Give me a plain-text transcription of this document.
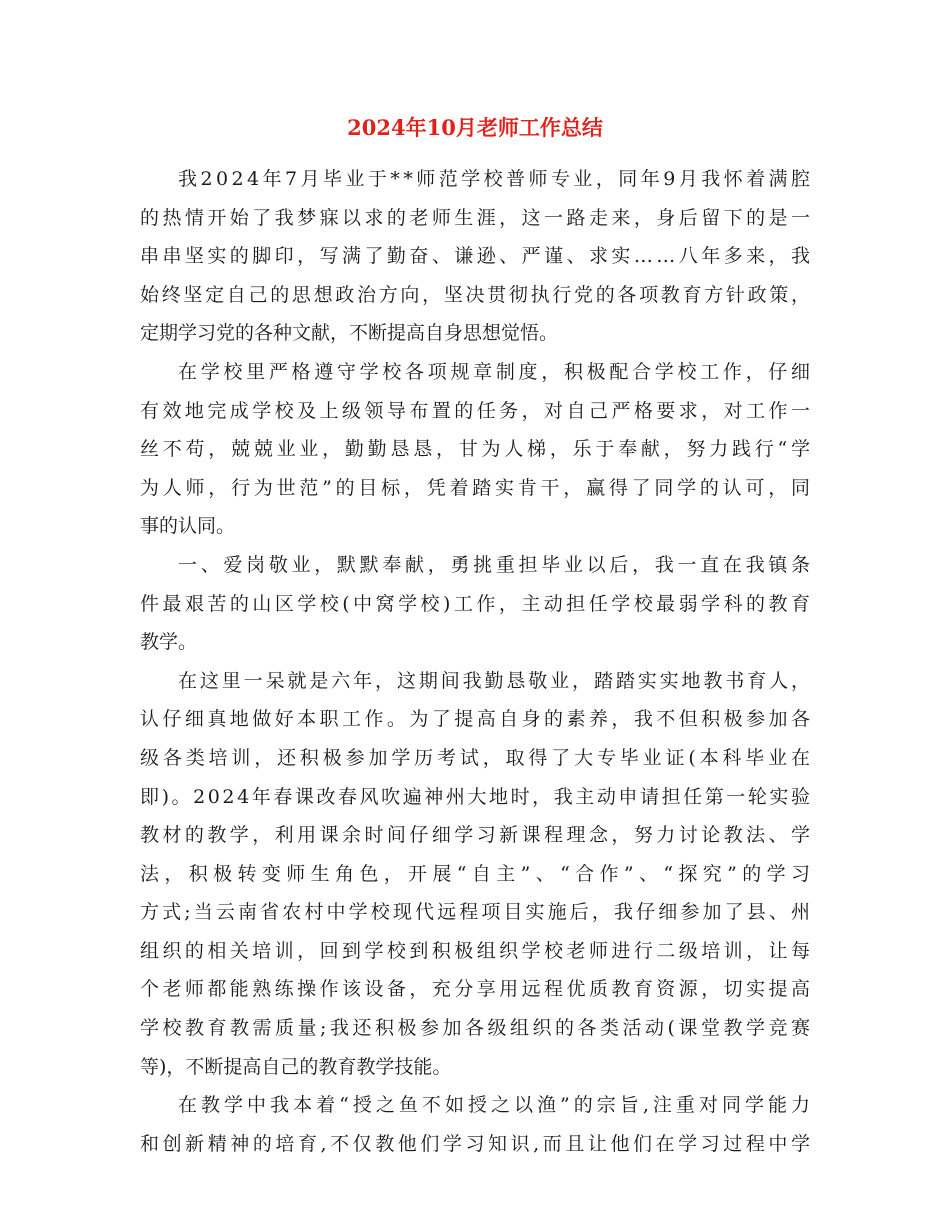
2024年10月老师工作总结
我2024年7月毕业于**师范学校普师专业，同年9月我怀着满腔
的热情开始了我梦寐以求的老师生涯，这一路走来，身后留下的是一
串串坚实的脚印，写满了勤奋、谦逊、严谨、求实……八年多来，我
始终坚定自己的思想政治方向，坚决贯彻执行党的各项教育方针政策，
定期学习党的各种文献，不断提高自身思想觉悟。
在学校里严格遵守学校各项规章制度，积极配合学校工作，仔细
有效地完成学校及上级领导布置的任务，对自己严格要求，对工作一
丝不苟，兢兢业业，勤勤恳恳，甘为人梯，乐于奉献，努力践行“学
为人师，行为世范”的目标，凭着踏实肯干，赢得了同学的认可，同
事的认同。
一、爱岗敬业，默默奉献，勇挑重担毕业以后，我一直在我镇条
件最艰苦的山区学校(中窝学校)工作，主动担任学校最弱学科的教育
教学。
在这里一呆就是六年，这期间我勤恳敬业，踏踏实实地教书育人，
认仔细真地做好本职工作。为了提高自身的素养，我不但积极参加各
级各类培训，还积极参加学历考试，取得了大专毕业证(本科毕业在
即)。2024年春课改春风吹遍神州大地时，我主动申请担任第一轮实验
教材的教学，利用课余时间仔细学习新课程理念，努力讨论教法、学
法，积极转变师生角色，开展“自主”、“合作”、“探究”的学习
方式;当云南省农村中学校现代远程项目实施后，我仔细参加了县、州
组织的相关培训，回到学校到积极组织学校老师进行二级培训，让每
个老师都能熟练操作该设备，充分享用远程优质教育资源，切实提高
学校教育教需质量;我还积极参加各级组织的各类活动(课堂教学竞赛
等)，不断提高自己的教育教学技能。
在教学中我本着“授之鱼不如授之以渔”的宗旨,注重对同学能力
和创新精神的培育,不仅教他们学习知识,而且让他们在学习过程中学
